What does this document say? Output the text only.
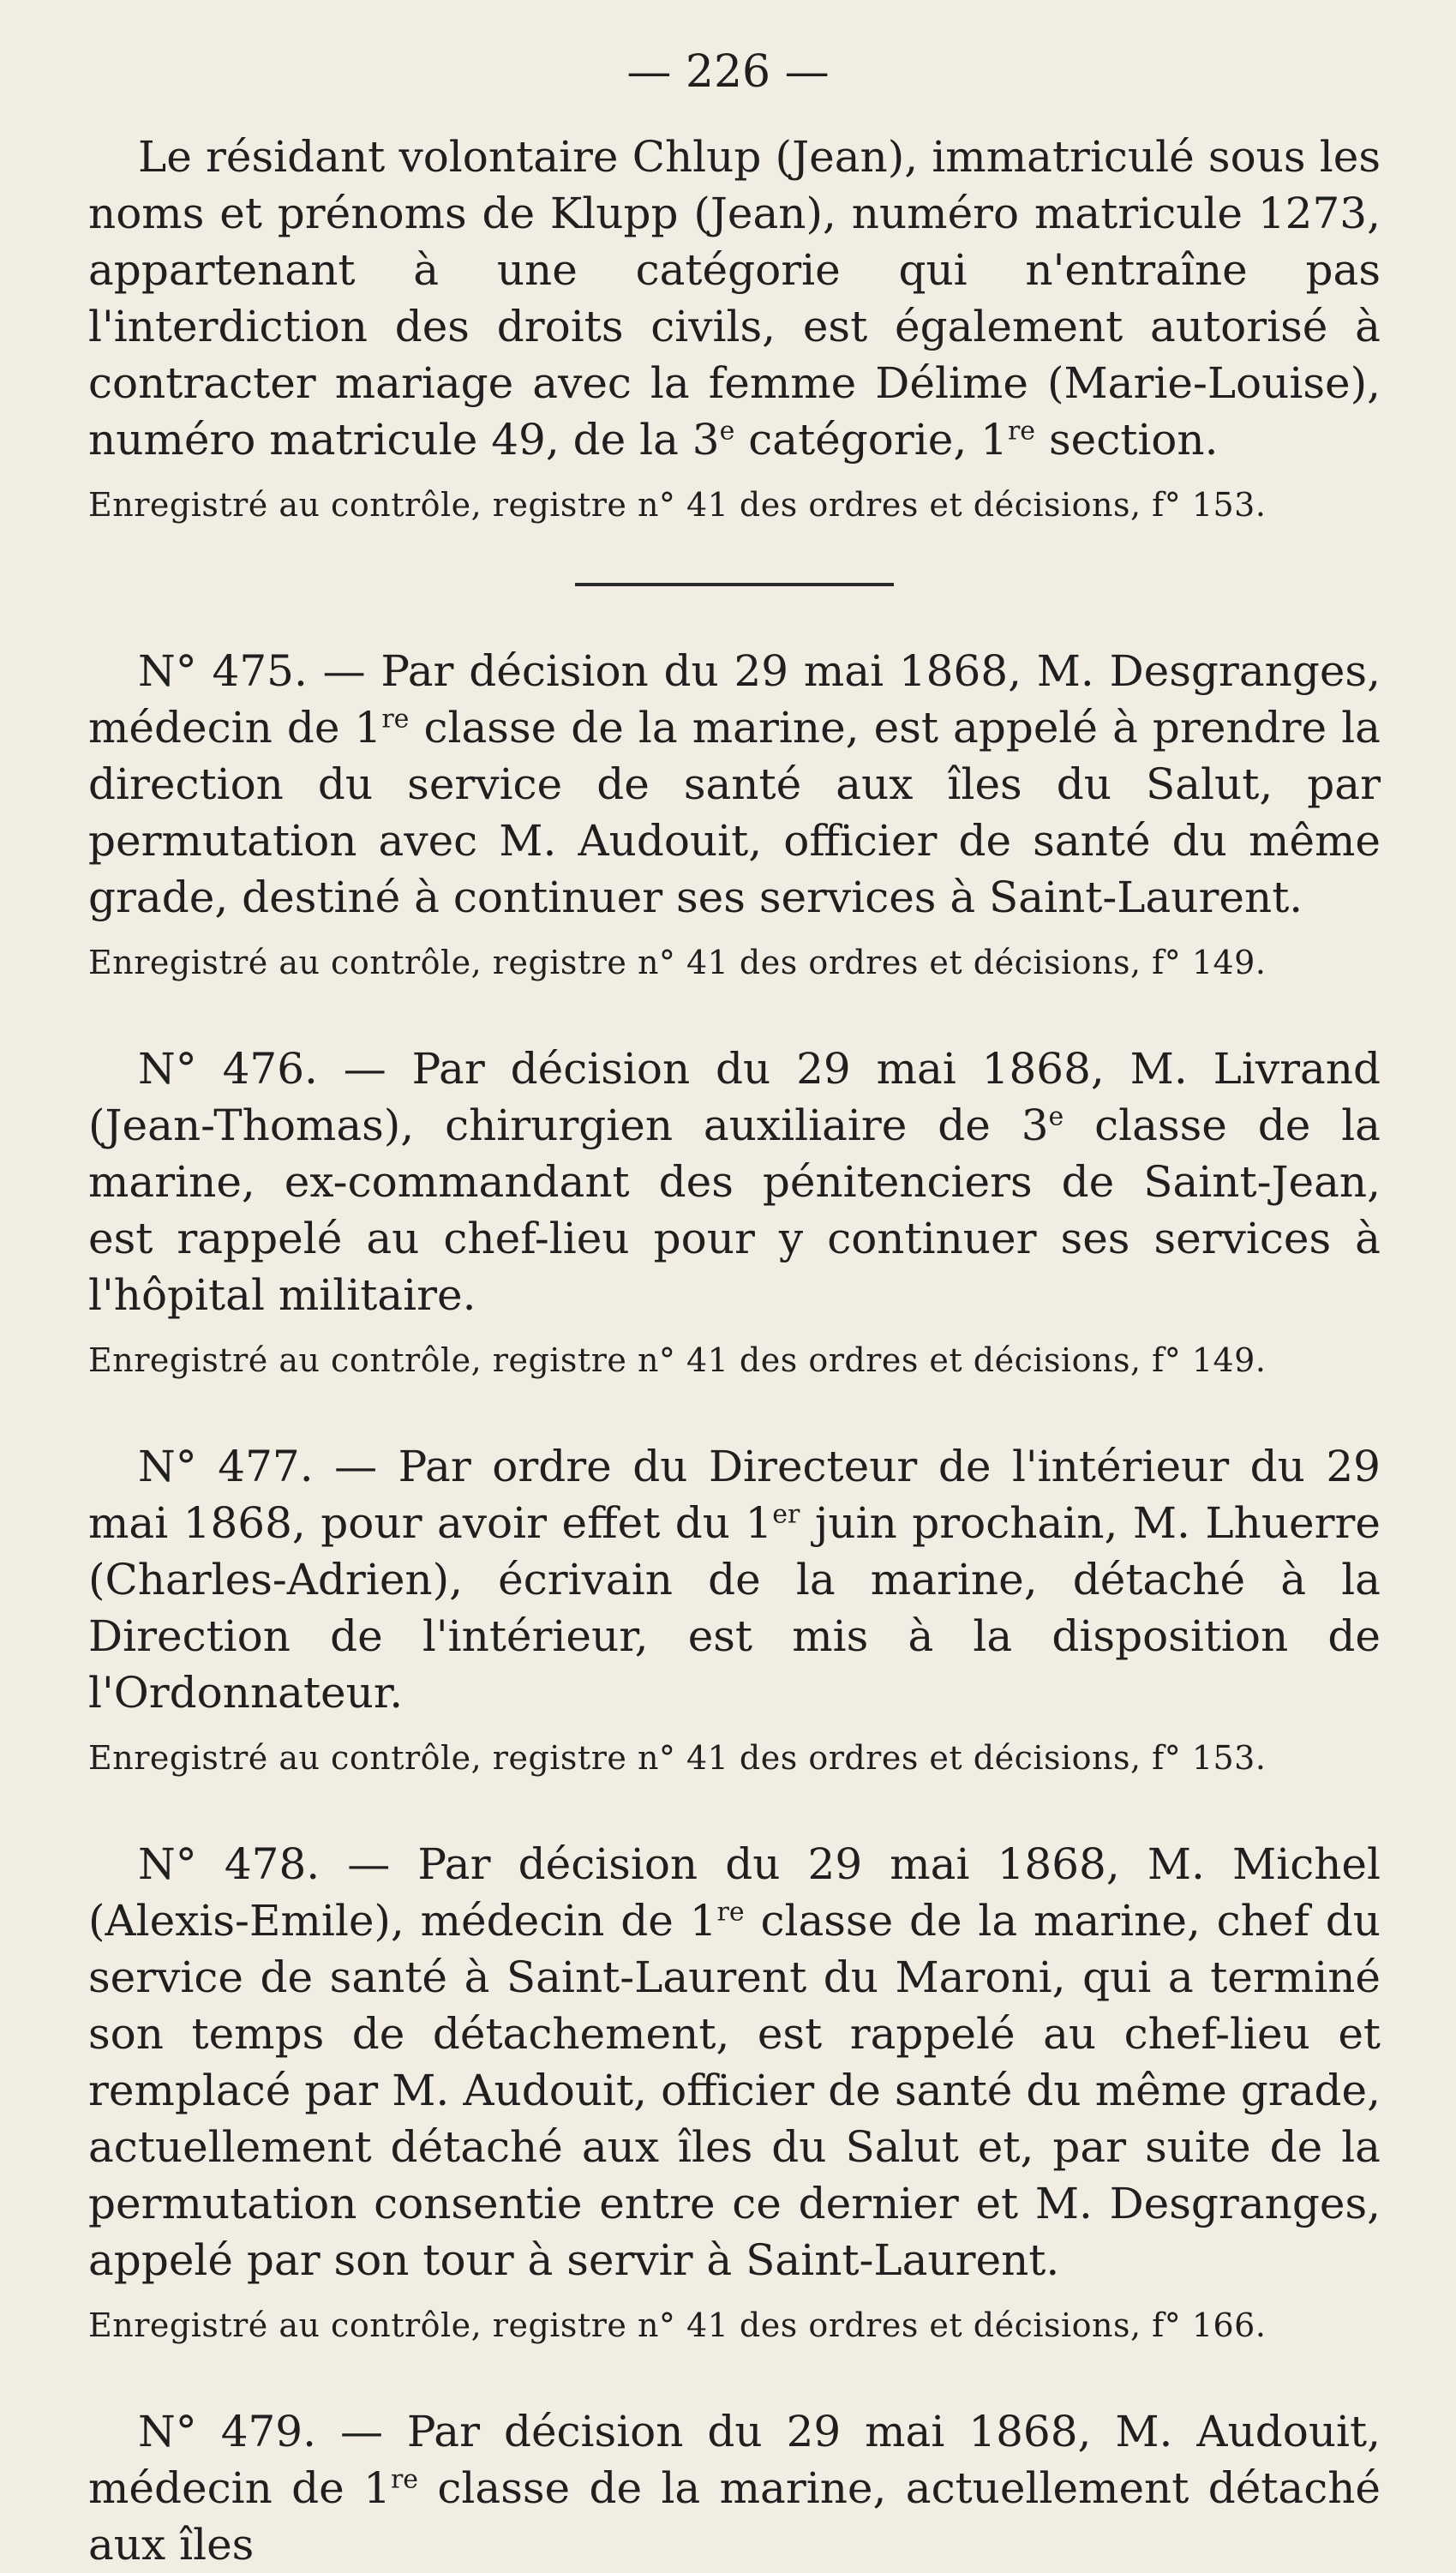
— 226 —

Le résidant volontaire Chlup (Jean), immatriculé sous les noms et prénoms de Klupp (Jean), numéro matricule 1273, appartenant à une catégorie qui n'entraîne pas l'interdiction des droits civils, est également autorisé à contracter mariage avec la femme Délime (Marie-Louise), numéro matricule 49, de la 3e catégorie, 1re section.

Enregistré au contrôle, registre n° 41 des ordres et décisions, f° 153.

N° 475. — Par décision du 29 mai 1868, M. Desgranges, médecin de 1re classe de la marine, est appelé à prendre la direction du service de santé aux îles du Salut, par permutation avec M. Audouit, officier de santé du même grade, destiné à continuer ses services à Saint-Laurent.

Enregistré au contrôle, registre n° 41 des ordres et décisions, f° 149.

N° 476. — Par décision du 29 mai 1868, M. Livrand (Jean-Thomas), chirurgien auxiliaire de 3e classe de la marine, ex-commandant des pénitenciers de Saint-Jean, est rappelé au chef-lieu pour y continuer ses services à l'hôpital militaire.

Enregistré au contrôle, registre n° 41 des ordres et décisions, f° 149.

N° 477. — Par ordre du Directeur de l'intérieur du 29 mai 1868, pour avoir effet du 1er juin prochain, M. Lhuerre (Charles-Adrien), écrivain de la marine, détaché à la Direction de l'intérieur, est mis à la disposition de l'Ordonnateur.

Enregistré au contrôle, registre n° 41 des ordres et décisions, f° 153.

N° 478. — Par décision du 29 mai 1868, M. Michel (Alexis-Emile), médecin de 1re classe de la marine, chef du service de santé à Saint-Laurent du Maroni, qui a terminé son temps de détachement, est rappelé au chef-lieu et remplacé par M. Audouit, officier de santé du même grade, actuellement détaché aux îles du Salut et, par suite de la permutation consentie entre ce dernier et M. Desgranges, appelé par son tour à servir à Saint-Laurent.

Enregistré au contrôle, registre n° 41 des ordres et décisions, f° 166.

N° 479. — Par décision du 29 mai 1868, M. Audouit, médecin de 1re classe de la marine, actuellement détaché aux îles
